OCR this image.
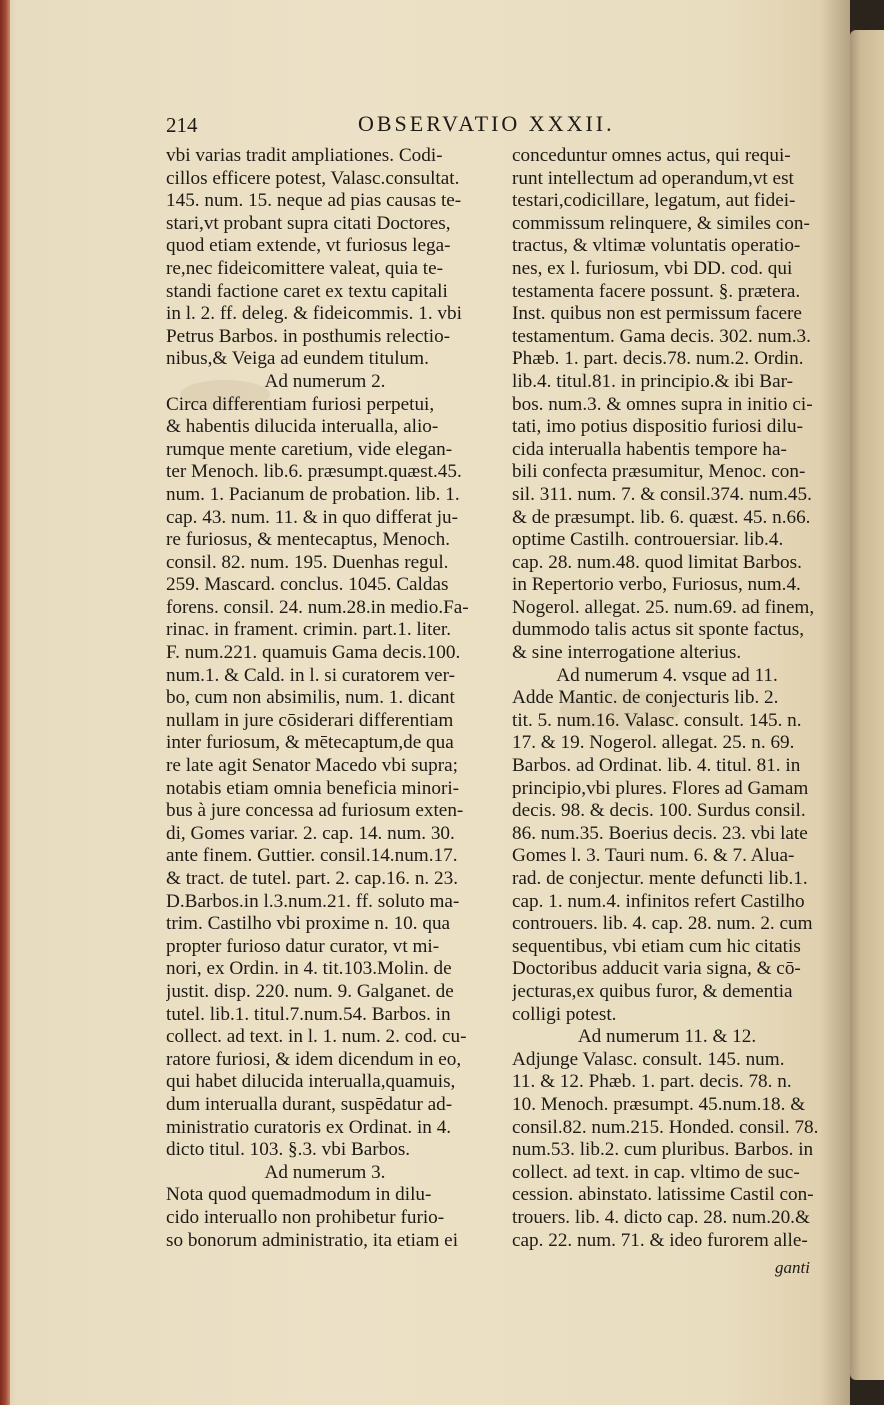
214	OBSERVATIO XXXII.
vbi varias tradit ampliationes. Codi-
cillos efficere potest, Valasc.consultat.
145. num. 15. neque ad pias causas te-
stari,vt probant supra citati Doctores,
quod etiam extende, vt furiosus lega-
re,nec fideicomittere valeat, quia te-
standi factione caret ex textu capitali
in l. 2. ff. deleg. & fideicommis. 1. vbi
Petrus Barbos. in posthumis relectio-
nibus,& Veiga ad eundem titulum.
Ad numerum 2.
Circa differentiam furiosi perpetui,
& habentis dilucida interualla, alio-
rumque mente caretium, vide elegan-
ter Menoch. lib.6. præsumpt.quæst.45.
num. 1. Pacianum de probation. lib. 1.
cap. 43. num. 11. & in quo differat ju-
re furiosus, & mentecaptus, Menoch.
consil. 82. num. 195. Duenhas regul.
259. Mascard. conclus. 1045. Caldas
forens. consil. 24. num.28.in medio.Fa-
rinac. in frament. crimin. part.1. liter.
F. num.221. quamuis Gama decis.100.
num.1. & Cald. in l. si curatorem ver-
bo, cum non absimilis, num. 1. dicant
nullam in jure cōsiderari differentiam
inter furiosum, & mētecaptum,de qua
re late agit Senator Macedo vbi supra;
notabis etiam omnia beneficia minori-
bus à jure concessa ad furiosum exten-
di, Gomes variar. 2. cap. 14. num. 30.
ante finem. Guttier. consil.14.num.17.
& tract. de tutel. part. 2. cap.16. n. 23.
D.Barbos.in l.3.num.21. ff. soluto ma-
trim. Castilho vbi proxime n. 10. qua
propter furioso datur curator, vt mi-
nori, ex Ordin. in 4. tit.103.Molin. de
justit. disp. 220. num. 9. Galganet. de
tutel. lib.1. titul.7.num.54. Barbos. in
collect. ad text. in l. 1. num. 2. cod. cu-
ratore furiosi, & idem dicendum in eo,
qui habet dilucida interualla,quamuis,
dum interualla durant, suspēdatur ad-
ministratio curatoris ex Ordinat. in 4.
dicto titul. 103. §.3. vbi Barbos.
Ad numerum 3.
Nota quod quemadmodum in dilu-
cido interuallo non prohibetur furio-
so bonorum administratio, ita etiam ei
conceduntur omnes actus, qui requi-
runt intellectum ad operandum,vt est
testari,codicillare, legatum, aut fidei-
commissum relinquere, & similes con-
tractus, & vltimæ voluntatis operatio-
nes, ex l. furiosum, vbi DD. cod. qui
testamenta facere possunt. §. prætera.
Inst. quibus non est permissum facere
testamentum. Gama decis. 302. num.3.
Phæb. 1. part. decis.78. num.2. Ordin.
lib.4. titul.81. in principio.& ibi Bar-
bos. num.3. & omnes supra in initio ci-
tati, imo potius dispositio furiosi dilu-
cida interualla habentis tempore ha-
bili confecta præsumitur, Menoc. con-
sil. 311. num. 7. & consil.374. num.45.
& de præsumpt. lib. 6. quæst. 45. n.66.
optime Castilh. controuersiar. lib.4.
cap. 28. num.48. quod limitat Barbos.
in Repertorio verbo, Furiosus, num.4.
Nogerol. allegat. 25. num.69. ad finem,
dummodo talis actus sit sponte factus,
& sine interrogatione alterius.
Ad numerum 4. vsque ad 11.
Adde Mantic. de conjecturis lib. 2.
tit. 5. num.16. Valasc. consult. 145. n.
17. & 19. Nogerol. allegat. 25. n. 69.
Barbos. ad Ordinat. lib. 4. titul. 81. in
principio,vbi plures. Flores ad Gamam
decis. 98. & decis. 100. Surdus consil.
86. num.35. Boerius decis. 23. vbi late
Gomes l. 3. Tauri num. 6. & 7. Alua-
rad. de conjectur. mente defuncti lib.1.
cap. 1. num.4. infinitos refert Castilho
controuers. lib. 4. cap. 28. num. 2. cum
sequentibus, vbi etiam cum hic citatis
Doctoribus adducit varia signa, & cō-
jecturas,ex quibus furor, & dementia
colligi potest.
Ad numerum 11. & 12.
Adjunge Valasc. consult. 145. num.
11. & 12. Phæb. 1. part. decis. 78. n.
10. Menoch. præsumpt. 45.num.18. &
consil.82. num.215. Honded. consil. 78.
num.53. lib.2. cum pluribus. Barbos. in
collect. ad text. in cap. vltimo de suc-
cession. abinstato. latissime Castil con-
trouers. lib. 4. dicto cap. 28. num.20.&
cap. 22. num. 71. & ideo furorem alle-
ganti
